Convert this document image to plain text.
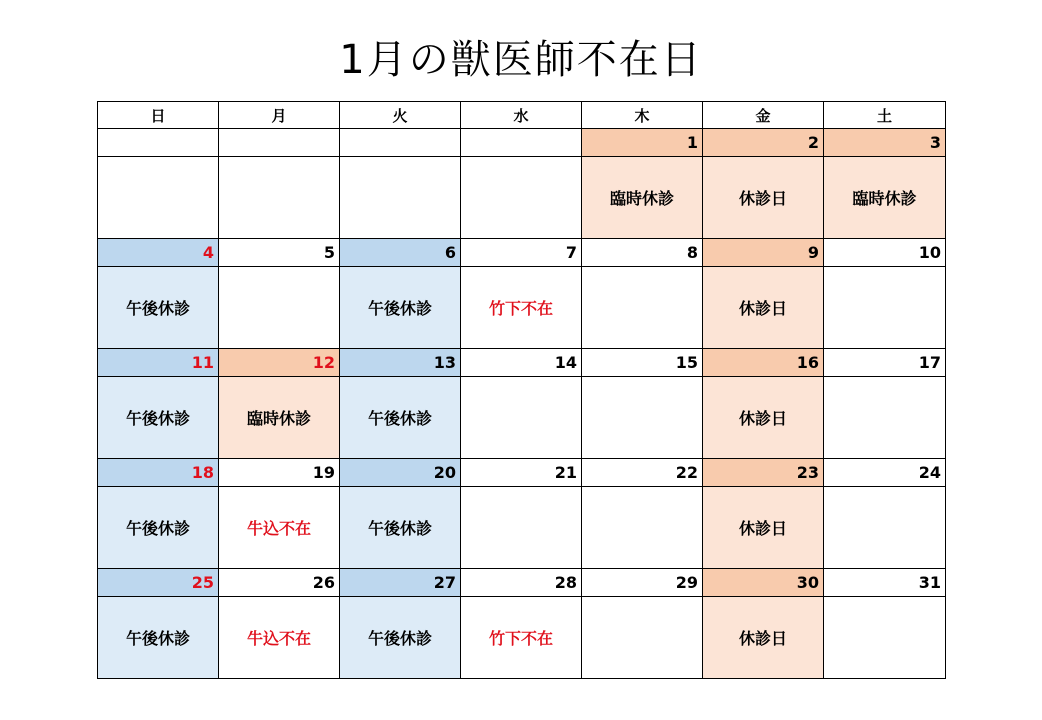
1月の獣医師不在日
日	月	火	水	木	金	土
				1	2	3
				臨時休診	休診日	臨時休診
4	5	6	7	8	9	10
午後休診		午後休診	竹下不在		休診日	
11	12	13	14	15	16	17
午後休診	臨時休診	午後休診			休診日	
18	19	20	21	22	23	24
午後休診	牛込不在	午後休診			休診日	
25	26	27	28	29	30	31
午後休診	牛込不在	午後休診	竹下不在		休診日	
